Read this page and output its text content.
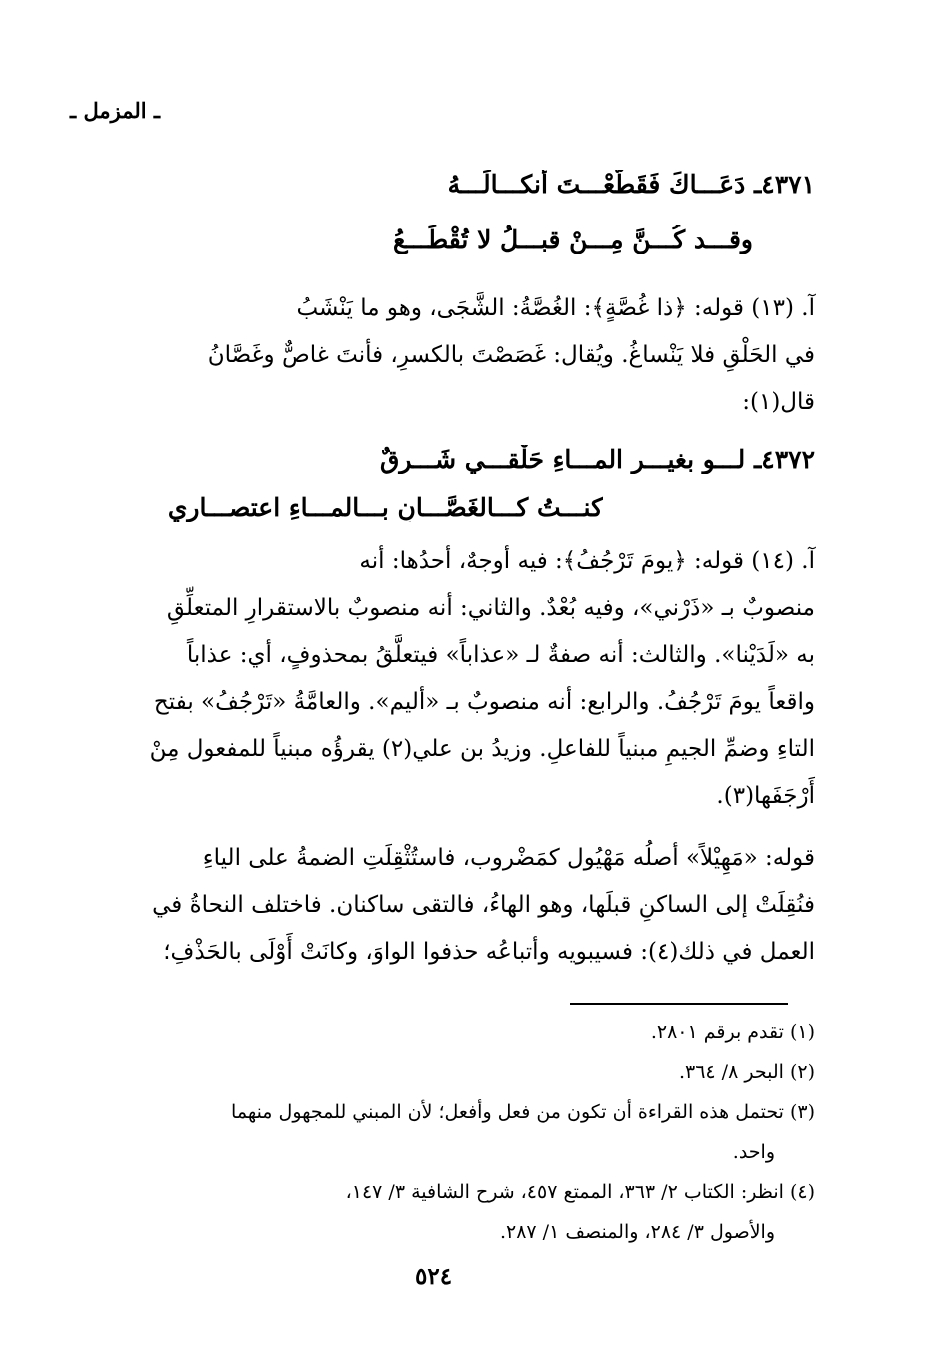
ـ المزمل ـ
٤٣٧١ـ دَعَـــاكَ فَقَطَّعْـــتَ أنكـــالَـــهُ
وقـــد كُـــنَّ مِـــنْ قبـــلُ لا تُقْطَـــعُ
آ. (١٣) قوله: ﴿ذا غُصَّةٍ﴾: الغُصَّةُ: الشَّجَى، وهو ما يَنْشَبُ
في الحَلْقِ فلا يَنْساغُ. ويُقال: غَصَصْتَ بالكسرِ، فأنتَ غاصٌّ وغَصَّانُ
قال(١):
٤٣٧٢ـ لـــو بغيـــرِ المـــاءِ حَلْقـــي شَـــرِقٌ
كنـــتُ كـــالغَصَّـــانِ بـــالمـــاءِ اعتصـــاري
آ. (١٤) قوله: ﴿يومَ تَرْجُفُ﴾: فيه أوجهٌ، أحدُها: أنه
منصوبٌ بـ «ذَرْني»، وفيه بُعْدٌ. والثاني: أنه منصوبٌ بالاستقرارِ المتعلِّقِ
به «لَدَيْنا». والثالث: أنه صفةٌ لـ «عذاباً» فيتعلَّقُ بمحذوفٍ، أي: عذاباً
واقعاً يومَ تَرْجُفُ. والرابع: أنه منصوبٌ بـ «أليم». والعامَّةُ «تَرْجُفُ» بفتح
التاءِ وضمِّ الجيمِ مبنياً للفاعلِ. وزيدُ بن علي(٢) يقرؤُه مبنياً للمفعول مِنْ
أَرْجَفَها(٣).
قوله: «مَهِيْلاً» أصلُه مَهْيُول كمَضْروب، فاستُثْقِلَتِ الضمةُ على الياءِ
فنُقِلَتْ إلى الساكنِ قبلَها، وهو الهاءُ، فالتقى ساكنان. فاختلف النحاةُ في
العمل في ذلك(٤): فسيبويه وأتباعُه حذفوا الواوَ، وكانَتْ أَوْلَى بالحَذْفِ؛
(١) تقدم برقم ٢٨٠١.
(٢) البحر ٨/ ٣٦٤.
(٣) تحتمل هذه القراءة أن تكون من فعل وأفعل؛ لأن المبني للمجهول منهما
واحد.
(٤) انظر: الكتاب ٢/ ٣٦٣، الممتع ٤٥٧، شرح الشافية ٣/ ١٤٧،
والأصول ٣/ ٢٨٤، والمنصف ١/ ٢٨٧.
٥٢٤
